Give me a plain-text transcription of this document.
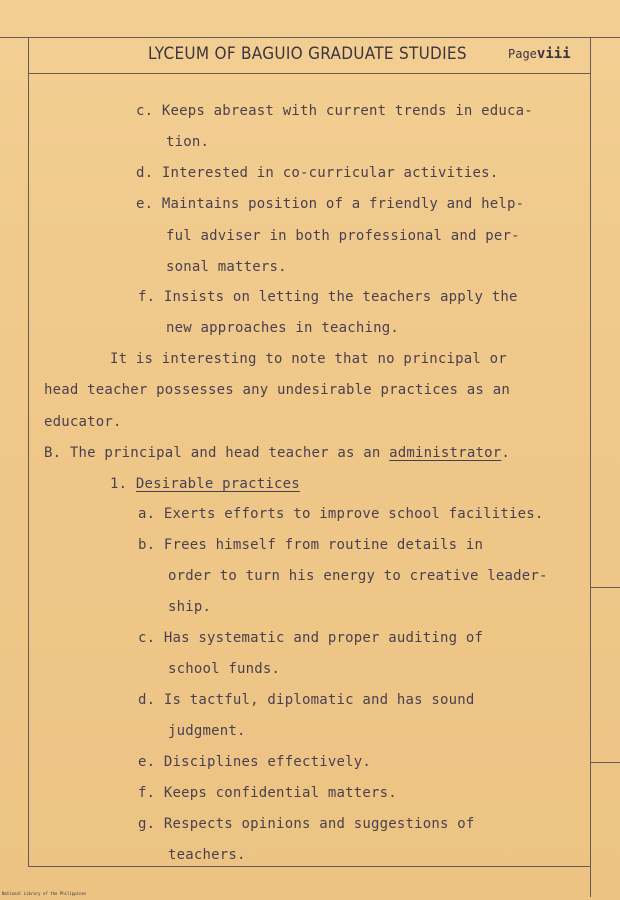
LYCEUM OF BAGUIO GRADUATE STUDIES	Pageviii
c. Keeps abreast with current trends in educa-
tion.
d. Interested in co-curricular activities.
e. Maintains position of a friendly and help-
ful adviser in both professional and per-
sonal matters.
f. Insists on letting the teachers apply the
new approaches in teaching.
It is interesting to note that no principal or
head teacher possesses any undesirable practices as an
educator.
B. The principal and head teacher as an administrator.
1. Desirable practices
a. Exerts efforts to improve school facilities.
b. Frees himself from routine details in
order to turn his energy to creative leader-
ship.
c. Has systematic and proper auditing of
school funds.
d. Is tactful, diplomatic and has sound
judgment.
e. Disciplines effectively.
f. Keeps confidential matters.
g. Respects opinions and suggestions of
teachers.
National Library of the Philippines
